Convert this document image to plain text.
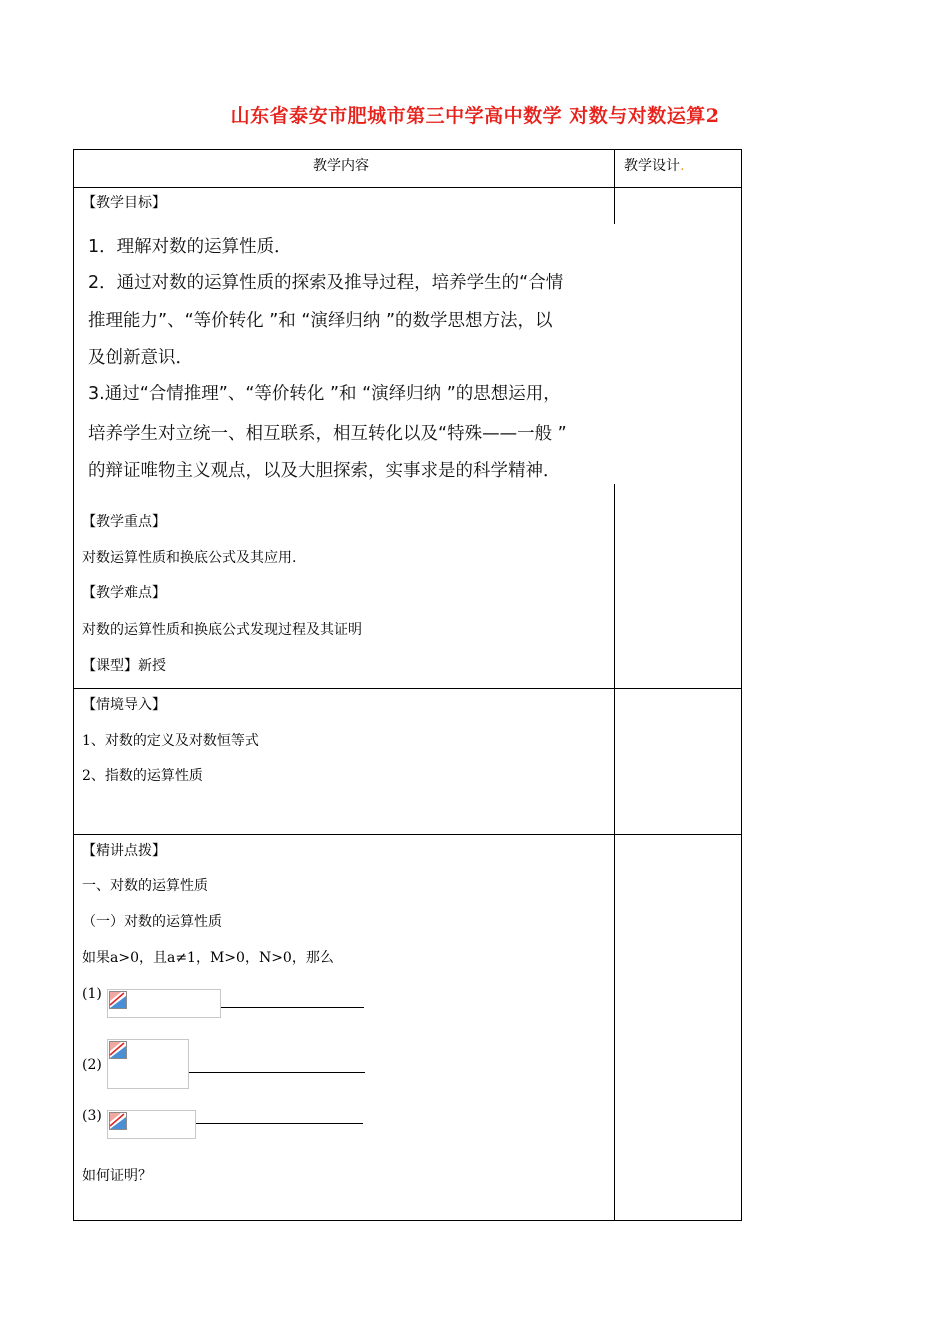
山东省泰安市肥城市第三中学高中数学 对数与对数运算2
教学内容	教学设计.
【教学目标】
1．理解对数的运算性质．
2．通过对数的运算性质的探索及推导过程，培养学生的“合情
推理能力”、“等价转化 ”和 “演绎归纳 ”的数学思想方法，以
及创新意识．
3.通过“合情推理”、“等价转化 ”和 “演绎归纳 ”的思想运用，
培养学生对立统一、相互联系，相互转化以及“特殊——一般 ”
的辩证唯物主义观点，以及大胆探索，实事求是的科学精神．
【教学重点】
对数运算性质和换底公式及其应用.
【教学难点】
对数的运算性质和换底公式发现过程及其证明
【课型】新授
【情境导入】
1、对数的定义及对数恒等式
2、指数的运算性质
【精讲点拨】
一、对数的运算性质
（一）对数的运算性质
如果a>0，且a≠1，M>0，N>0，那么
(1)
(2)
(3)
如何证明？
